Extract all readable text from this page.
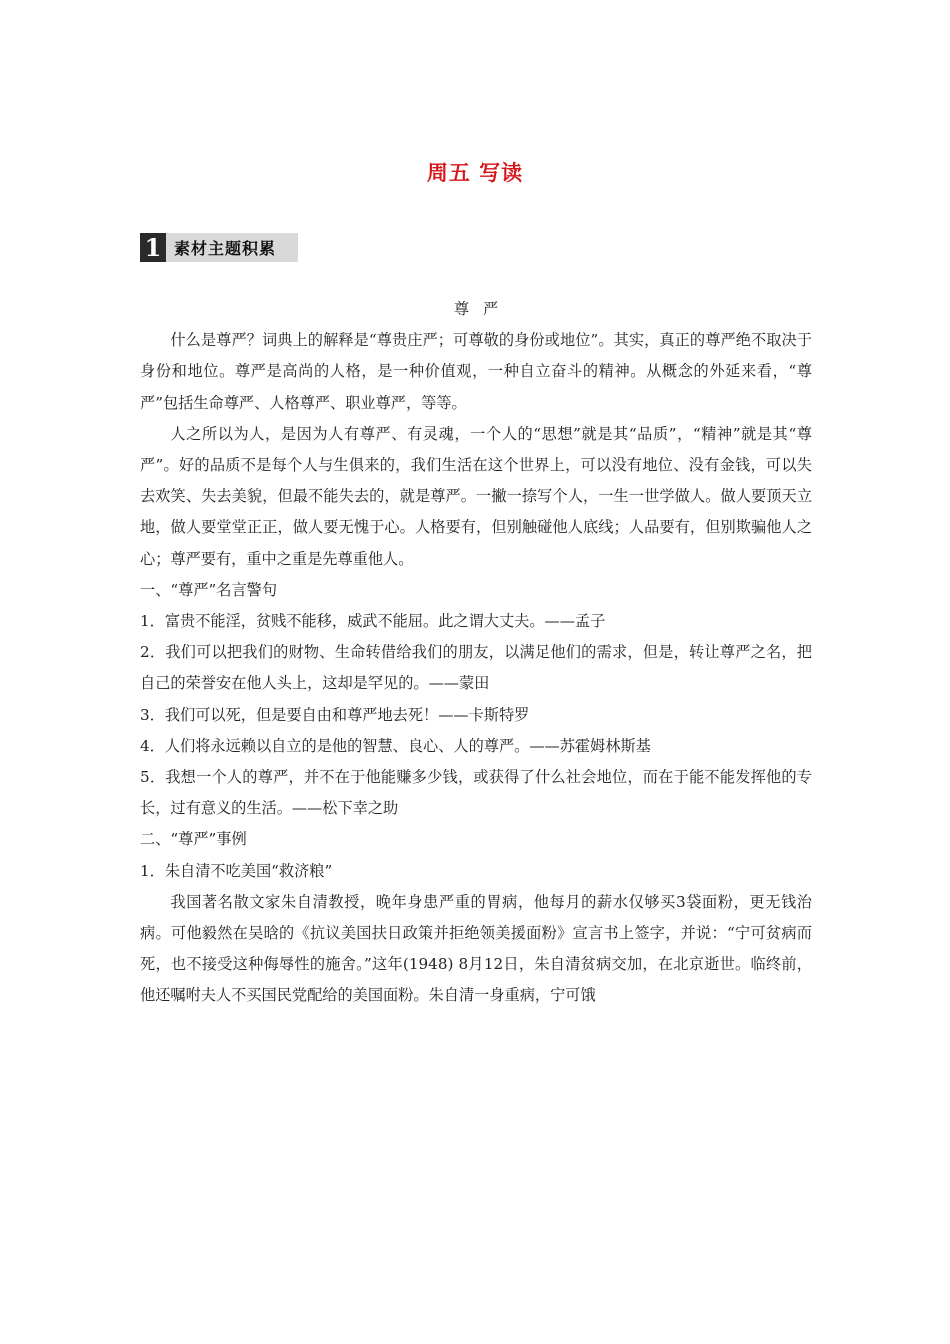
周五 写读
1 素材主题积累

尊严

什么是尊严？词典上的解释是“尊贵庄严；可尊敬的身份或地位”。其实，真正的尊严绝不取决于身份和地位。尊严是高尚的人格，是一种价值观，一种自立奋斗的精神。从概念的外延来看，“尊严”包括生命尊严、人格尊严、职业尊严，等等。

人之所以为人，是因为人有尊严、有灵魂，一个人的“思想”就是其“品质”，“精神”就是其“尊严”。好的品质不是每个人与生俱来的，我们生活在这个世界上，可以没有地位、没有金钱，可以失去欢笑、失去美貌，但最不能失去的，就是尊严。一撇一捺写个人，一生一世学做人。做人要顶天立地，做人要堂堂正正，做人要无愧于心。人格要有，但别触碰他人底线；人品要有，但别欺骗他人之心；尊严要有，重中之重是先尊重他人。

一、“尊严”名言警句

1．富贵不能淫，贫贱不能移，威武不能屈。此之谓大丈夫。——孟子

2．我们可以把我们的财物、生命转借给我们的朋友，以满足他们的需求，但是，转让尊严之名，把自己的荣誉安在他人头上，这却是罕见的。——蒙田

3．我们可以死，但是要自由和尊严地去死！——卡斯特罗

4．人们将永远赖以自立的是他的智慧、良心、人的尊严。——苏霍姆林斯基

5．我想一个人的尊严，并不在于他能赚多少钱，或获得了什么社会地位，而在于能不能发挥他的专长，过有意义的生活。——松下幸之助

二、“尊严”事例

1．朱自清不吃美国“救济粮”

我国著名散文家朱自清教授，晚年身患严重的胃病，他每月的薪水仅够买3袋面粉，更无钱治病。可他毅然在吴晗的《抗议美国扶日政策并拒绝领美援面粉》宣言书上签字，并说：“宁可贫病而死，也不接受这种侮辱性的施舍。”这年(1948) 8月12日，朱自清贫病交加，在北京逝世。临终前，他还嘱咐夫人不买国民党配给的美国面粉。朱自清一身重病，宁可饿
